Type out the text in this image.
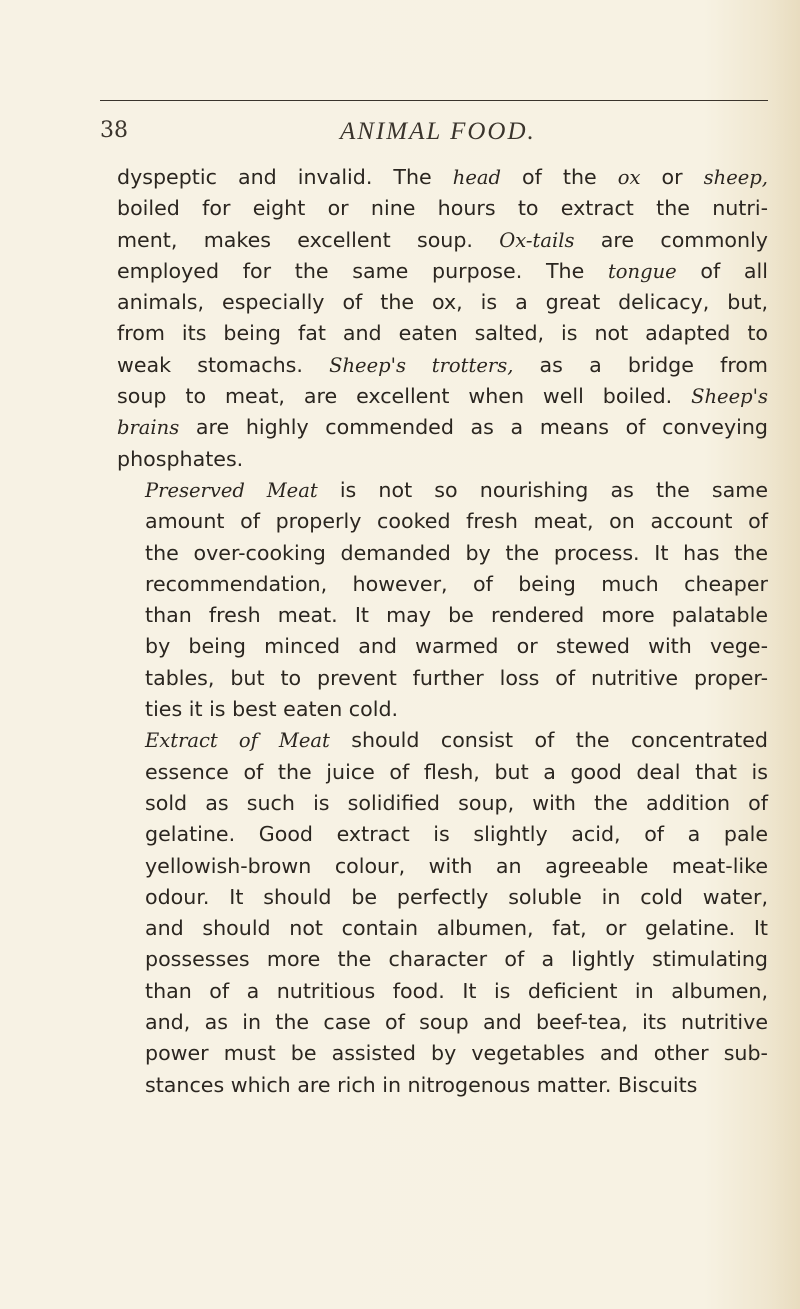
38	ANIMAL FOOD.

dyspeptic and invalid. The head of the ox or sheep,
boiled for eight or nine hours to extract the nutri-
ment, makes excellent soup. Ox-tails are commonly
employed for the same purpose. The tongue of all
animals, especially of the ox, is a great delicacy, but,
from its being fat and eaten salted, is not adapted to
weak stomachs. Sheep's trotters, as a bridge from
soup to meat, are excellent when well boiled. Sheep's
brains are highly commended as a means of conveying
phosphates.

Preserved Meat is not so nourishing as the same
amount of properly cooked fresh meat, on account of
the over-cooking demanded by the process. It has the
recommendation, however, of being much cheaper
than fresh meat. It may be rendered more palatable
by being minced and warmed or stewed with vege-
tables, but to prevent further loss of nutritive proper-
ties it is best eaten cold.

Extract of Meat should consist of the concentrated
essence of the juice of flesh, but a good deal that is
sold as such is solidified soup, with the addition of
gelatine. Good extract is slightly acid, of a pale
yellowish-brown colour, with an agreeable meat-like
odour. It should be perfectly soluble in cold water,
and should not contain albumen, fat, or gelatine. It
possesses more the character of a lightly stimulating
than of a nutritious food. It is deficient in albumen,
and, as in the case of soup and beef-tea, its nutritive
power must be assisted by vegetables and other sub-
stances which are rich in nitrogenous matter. Biscuits
